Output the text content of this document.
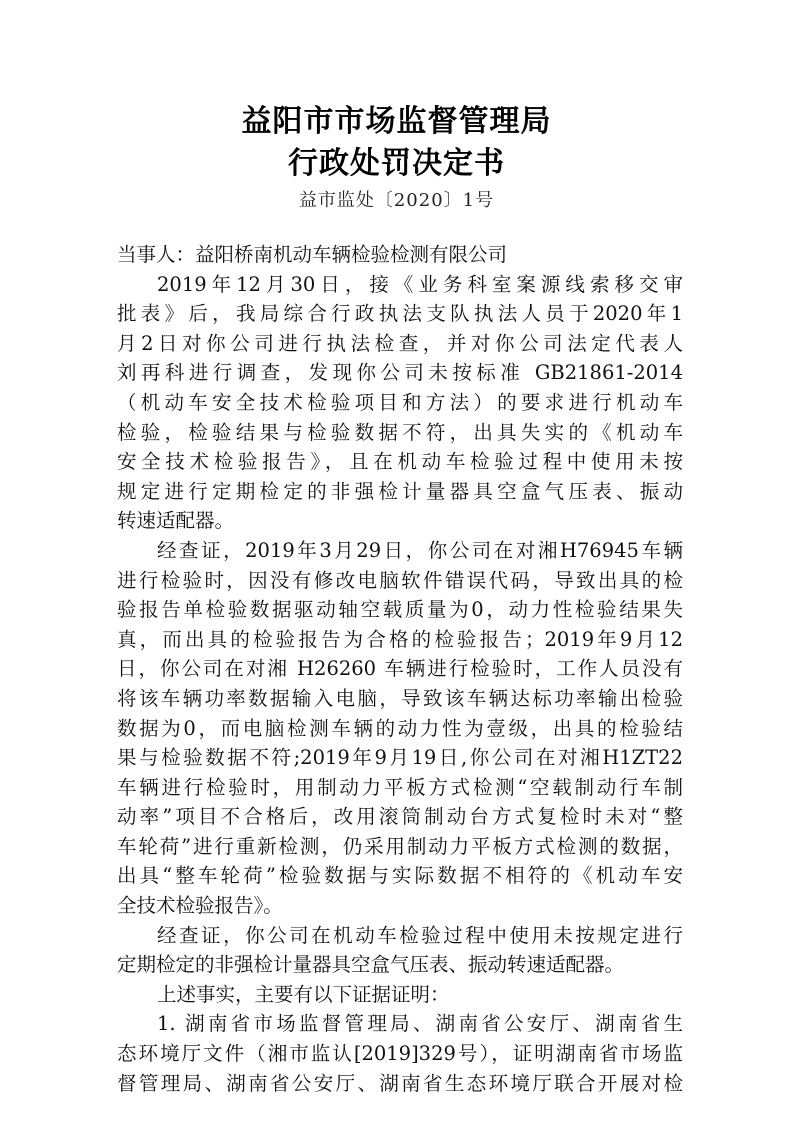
益阳市市场监督管理局
行政处罚决定书
益市监处〔2020〕1号
当事人：益阳桥南机动车辆检验检测有限公司
2019年12月30日，接《业务科室案源线索移交审
批表》后，我局综合行政执法支队执法人员于2020年1
月2日对你公司进行执法检查，并对你公司法定代表人
刘再科进行调查，发现你公司未按标准 GB21861-2014
（机动车安全技术检验项目和方法）的要求进行机动车
检验，检验结果与检验数据不符，出具失实的《机动车
安全技术检验报告》，且在机动车检验过程中使用未按
规定进行定期检定的非强检计量器具空盒气压表、振动
转速适配器。
经查证，2019年3月29日，你公司在对湘H76945车辆
进行检验时，因没有修改电脑软件错误代码，导致出具的检
验报告单检验数据驱动轴空载质量为0，动力性检验结果失
真，而出具的检验报告为合格的检验报告；2019年9月12
日，你公司在对湘 H26260 车辆进行检验时，工作人员没有
将该车辆功率数据输入电脑，导致该车辆达标功率输出检验
数据为0，而电脑检测车辆的动力性为壹级，出具的检验结
果与检验数据不符;2019年9月19日,你公司在对湘H1ZT22
车辆进行检验时，用制动力平板方式检测“空载制动行车制
动率”项目不合格后，改用滚筒制动台方式复检时未对“整
车轮荷”进行重新检测，仍采用制动力平板方式检测的数据，
出具“整车轮荷”检验数据与实际数据不相符的《机动车安
全技术检验报告》。
经查证，你公司在机动车检验过程中使用未按规定进行
定期检定的非强检计量器具空盒气压表、振动转速适配器。
上述事实，主要有以下证据证明：
1. 湖南省市场监督管理局、湖南省公安厅、湖南省生
态环境厅文件（湘市监认[2019]329号），证明湖南省市场监
督管理局、湖南省公安厅、湖南省生态环境厅联合开展对检
